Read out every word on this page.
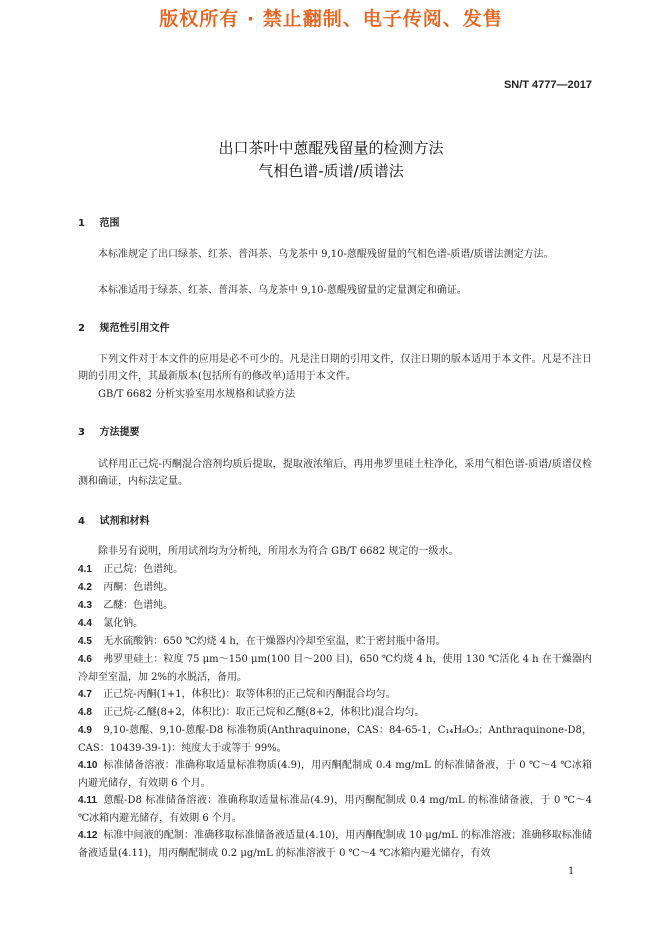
版权所有 · 禁止翻制、电子传阅、发售
SN/T 4777—2017
出口茶叶中蒽醌残留量的检测方法
气相色谱-质谱/质谱法
1 范围
本标准规定了出口绿茶、红茶、普洱茶、乌龙茶中 9,10-蒽醌残留量的气相色谱-质谱/质谱法测定方法。
本标准适用于绿茶、红茶、普洱茶、乌龙茶中 9,10-蒽醌残留量的定量测定和确证。
2 规范性引用文件
下列文件对于本文件的应用是必不可少的。凡是注日期的引用文件，仅注日期的版本适用于本文件。凡是不注日期的引用文件，其最新版本(包括所有的修改单)适用于本文件。
GB/T 6682 分析实验室用水规格和试验方法
3 方法提要
试样用正己烷-丙酮混合溶剂均质后提取，提取液浓缩后，再用弗罗里硅土柱净化，采用气相色谱-质谱/质谱仪检测和确证，内标法定量。
4 试剂和材料
除非另有说明，所用试剂均为分析纯，所用水为符合 GB/T 6682 规定的一级水。
4.1 正己烷：色谱纯。
4.2 丙酮：色谱纯。
4.3 乙醚：色谱纯。
4.4 氯化钠。
4.5 无水硫酸钠：650 ℃灼烧 4 h，在干燥器内冷却至室温，贮于密封瓶中备用。
4.6 弗罗里硅土：粒度 75 μm～150 μm(100 目～200 目)，650 ℃灼烧 4 h，使用 130 ℃活化 4 h 在干燥器内冷却至室温，加 2%的水脱活，备用。
4.7 正己烷-丙酮(1+1，体积比)：取等体积的正己烷和丙酮混合均匀。
4.8 正己烷-乙醚(8+2，体积比)：取正己烷和乙醚(8+2，体积比)混合均匀。
4.9 9,10-蒽醌、9,10-蒽醌-D8 标准物质(Anthraquinone，CAS：84-65-1，C₁₄H₈O₂；Anthraquinone-D8，CAS：10439-39-1)：纯度大于或等于 99%。
4.10 标准储备溶液：准确称取适量标准物质(4.9)，用丙酮配制成 0.4 mg/mL 的标准储备液，于 0 ℃～4 ℃冰箱内避光储存，有效期 6 个月。
4.11 蒽醌-D8 标准储备溶液：准确称取适量标准品(4.9)，用丙酮配制成 0.4 mg/mL 的标准储备液，于 0 ℃～4 ℃冰箱内避光储存，有效期 6 个月。
4.12 标准中间液的配制：准确移取标准储备液适量(4.10)，用丙酮配制成 10 μg/mL 的标准溶液；准确移取标准储备液适量(4.11)，用丙酮配制成 0.2 μg/mL 的标准溶液于 0 ℃～4 ℃冰箱内避光储存，有效
1
